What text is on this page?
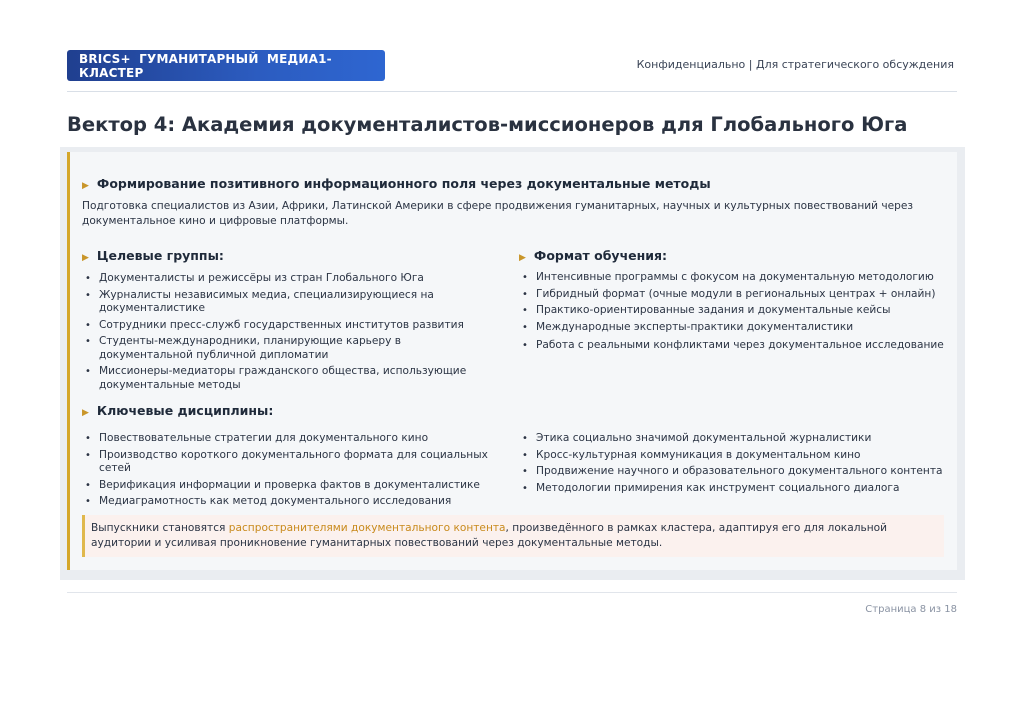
BRICS+ ГУМАНИТАРНЫЙ МЕДИА1-КЛАСТЕР
Конфиденциально | Для стратегического обсуждения
Вектор 4: Академия документалистов-миссионеров для Глобального Юга
▶ Формирование позитивного информационного поля через документальные методы
Подготовка специалистов из Азии, Африки, Латинской Америки в сфере продвижения гуманитарных, научных и культурных повествований через документальное кино и цифровые платформы.
▶ Целевые группы:
• Документалисты и режиссёры из стран Глобального Юга
• Журналисты независимых медиа, специализирующиеся на документалистике
• Сотрудники пресс-служб государственных институтов развития
• Студенты-международники, планирующие карьеру в документальной публичной дипломатии
• Миссионеры-медиаторы гражданского общества, использующие документальные методы
▶ Формат обучения:
• Интенсивные программы с фокусом на документальную методологию
• Гибридный формат (очные модули в региональных центрах + онлайн)
• Практико-ориентированные задания и документальные кейсы
• Международные эксперты-практики документалистики
• Работа с реальными конфликтами через документальное исследование
▶ Ключевые дисциплины:
• Повествовательные стратегии для документального кино
• Производство короткого документального формата для социальных сетей
• Верификация информации и проверка фактов в документалистике
• Медиаграмотность как метод документального исследования
• Этика социально значимой документальной журналистики
• Кросс-культурная коммуникация в документальном кино
• Продвижение научного и образовательного документального контента
• Методологии примирения как инструмент социального диалога
Выпускники становятся распространителями документального контента, произведённого в рамках кластера, адаптируя его для локальной аудитории и усиливая проникновение гуманитарных повествований через документальные методы.
Страница 8 из 18
